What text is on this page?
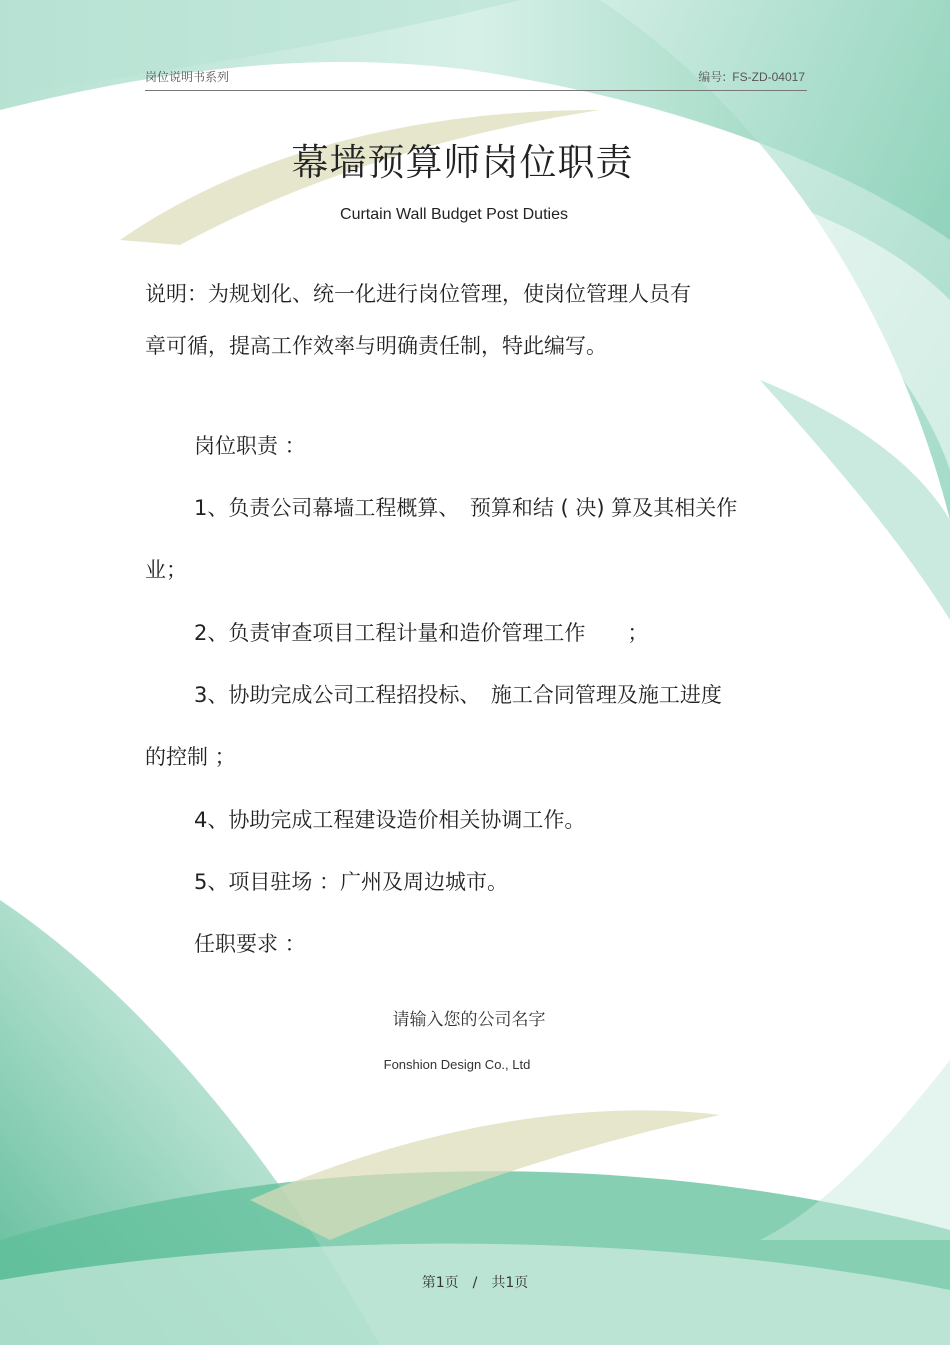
岗位说明书系列	编号: FS-ZD-04017
幕墙预算师岗位职责
Curtain Wall Budget Post Duties
说明：为规划化、统一化进行岗位管理，使岗位管理人员有
章可循，提高工作效率与明确责任制，特此编写。
岗位职责 ：
1、负责公司幕墙工程概算、　预算和结 ( 决) 算及其相关作
业；
2、负责审查项目工程计量和造价管理工作　　；
3、协助完成公司工程招投标、　施工合同管理及施工进度
的控制 ；
4、协助完成工程建设造价相关协调工作。
5、项目驻场 ：广州及周边城市。
任职要求 ：
请输入您的公司名字
Fonshion Design Co., Ltd
第1页　/　共1页
